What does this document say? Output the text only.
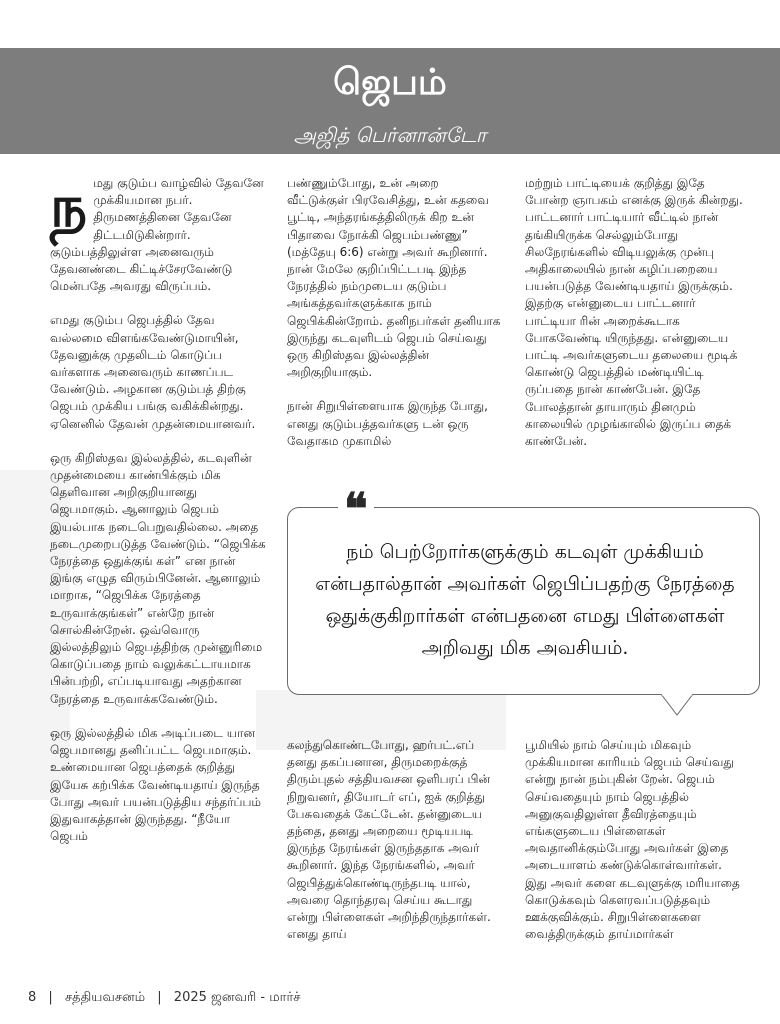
ஜெபம்
அஜித் பெர்னான்டோ

நமது குடும்ப வாழ்வில் தேவனே முக்கியமான நபர். திருமணத்தினை தேவனே திட்டமிடுகின்றார். குடும்பத்திலுள்ள அனைவரும் தேவனண்டை கிட்டிச்சேரவேண்டு மென்பதே அவரது விருப்பம்.

எமது குடும்ப ஜெபத்தில் தேவ வல்லமை விளங்கவேண்டுமாயின், தேவனுக்கு முதலிடம் கொடுப்ப வர்களாக அனைவரும் காணப்பட வேண்டும். அழகான குடும்பத் திற்கு ஜெபம் முக்கிய பங்கு வகிக்கின்றது. ஏனெனில் தேவன் முதன்மையானவர்.

ஒரு கிறிஸ்தவ இல்லத்தில், கடவுளின் முதன்மையை காண்பிக்கும் மிக தெளிவான அறிகுறியானது ஜெபமாகும். ஆனாலும் ஜெபம் இயல்பாக நடைபெறுவதில்லை. அதை நடைமுறைபடுத்த வேண்டும். “ஜெபிக்க நேரத்தை ஒதுக்குங் கள்” என நான் இங்கு எழுத விரும்பினேன். ஆனாலும் மாறாக, “ஜெபிக்க நேரத்தை உருவாக்குங்கள்” என்றே நான் சொல்கின்றேன். ஒவ்வொரு இல்லத்திலும் ஜெபத்திற்கு முன்னுரிமை கொடுப்பதை நாம் வலுக்கட்டாயமாக பின்பற்றி, எப்படியாவது அதற்கான நேரத்தை உருவாக்கவேண்டும்.

ஒரு இல்லத்தில் மிக அடிப்படை யான ஜெபமானது தனிப்பட்ட ஜெபமாகும். உண்மையான ஜெபத்தைக் குறித்து இயேசு கற்பிக்க வேண்டியதாய் இருந்த போது அவர் பயன்படுத்திய சந்தர்ப்பம் இதுவாகத்தான் இருந்தது. “நீயோ ஜெபம்

பண்ணும்போது, உன் அறை வீட்டுக்குள் பிரவேசித்து, உன் கதவை பூட்டி, அந்தரங்கத்திலிருக் கிற உன் பிதாவை நோக்கி ஜெபம்பண்ணு” (மத்தேயு 6:6) என்று அவர் கூறினார். நான் மேலே குறிப்பிட்டபடி இந்த நேரத்தில் நம்முடைய குடும்ப அங்கத்தவர்களுக்காக நாம் ஜெபிக்கின்றோம். தனிநபர்கள் தனியாக இருந்து கடவுளிடம் ஜெபம் செய்வது ஒரு கிறிஸ்தவ இல்லத்தின் அறிகுறியாகும்.

நான் சிறுபிள்ளையாக இருந்த போது, எனது குடும்பத்தவர்களு டன் ஒரு வேதாகம முகாமில்

மற்றும் பாட்டியைக் குறித்து இதே போன்ற ஞாபகம் எனக்கு இருக் கின்றது. பாட்டனார் பாட்டியார் வீட்டில் நான் தங்கியிருக்க செல்லும்போது சிலநேரங்களில் விடியலுக்கு முன்பு அதிகாலையில் நான் கழிப்பறையை பயன்படுத்த வேண்டியதாய் இருக்கும். இதற்கு என்னுடைய பாட்டனார் பாட்டியா ரின் அறைக்கூடாக போகவேண்டி யிருந்தது. என்னுடைய பாட்டி அவர்களுடைய தலையை மூடிக் கொண்டு ஜெபத்தில் மண்டியிட்டி ருப்பதை நான் காண்பேன். இதே போலத்தான் தாயாரும் தினமும் காலையில் முழங்காலில் இருப்ப தைக் காண்பேன்.

❝
நம் பெற்றோர்களுக்கும் கடவுள் முக்கியம் என்பதால்தான் அவர்கள் ஜெபிப்பதற்கு நேரத்தை ஒதுக்குகிறார்கள் என்பதனை எமது பிள்ளைகள் அறிவது மிக அவசியம்.

கலந்துகொண்டபோது, ஹர்பட்.எப் தனது தகப்பனான, திருமறைக்குத் திரும்புதல் சத்தியவசன ஒளிபரப் பின் நிறுவனர், தியோடர் எப், ஐக் குறித்து பேசுவதைக் கேட்டேன். தன்னுடைய தந்தை, தனது அறையை மூடியபடி இருந்த நேரங்கள் இருந்ததாக அவர் கூறினார். இந்த நேரங்களில், அவர் ஜெபித்துக்கொண்டிருந்தபடி யால், அவரை தொந்தரவு செய்ய கூடாது என்று பிள்ளைகள் அறிந்திருந்தார்கள். எனது தாய்

பூமியில் நாம் செய்யும் மிகவும் முக்கியமான காரியம் ஜெபம் செய்வது என்று நான் நம்புகின் றேன். ஜெபம் செய்வதையும் நாம் ஜெபத்தில் அனுகுவதிலுள்ள தீவிரத்தையும் எங்களுடைய பிள்ளைகள் அவதானிக்கும்போது அவர்கள் இதை அடையாளம் கண்டுக்கொள்வார்கள். இது அவர் களை கடவுளுக்கு மரியாதை கொடுக்கவும் கௌரவப்படுத்தவும் ஊக்குவிக்கும். சிறுபிள்ளைகளை வைத்திருக்கும் தாய்மார்கள்

8 | சத்தியவசனம் | 2025 ஜனவரி - மார்ச்
